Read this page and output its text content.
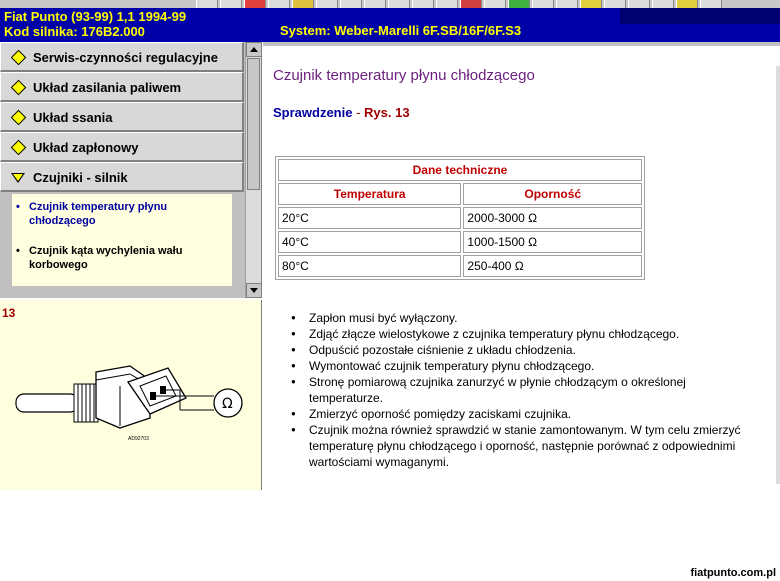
Fiat Punto (93-99) 1,1 1994-99
Kod silnika: 176B2.000	System: Weber-Marelli 6F.SB/16F/6F.S3
Serwis-czynności regulacyjne
Układ zasilania paliwem
Układ ssania
Układ zapłonowy
Czujniki - silnik
• Czujnik temperatury płynu chłodzącego
• Czujnik kąta wychylenia wału korbowego
13
Ω
AD92703
Czujnik temperatury płynu chłodzącego
Sprawdzenie - Rys. 13
Dane techniczne	
Temperatura	Oporność
20°C	2000-3000 Ω
40°C	1000-1500 Ω
80°C	250-400 Ω
● Zapłon musi być wyłączony.
● Zdjąć złącze wielostykowe z czujnika temperatury płynu chłodzącego.
● Odpuścić pozostałe ciśnienie z układu chłodzenia.
● Wymontować czujnik temperatury płynu chłodzącego.
● Stronę pomiarową czujnika zanurzyć w płynie chłodzącym o określonej temperaturze.
● Zmierzyć oporność pomiędzy zaciskami czujnika.
● Czujnik można również sprawdzić w stanie zamontowanym. W tym celu zmierzyć temperaturę płynu chłodzącego i oporność, następnie porównać z odpowiednimi wartościami wymaganymi.
fiatpunto.com.pl
